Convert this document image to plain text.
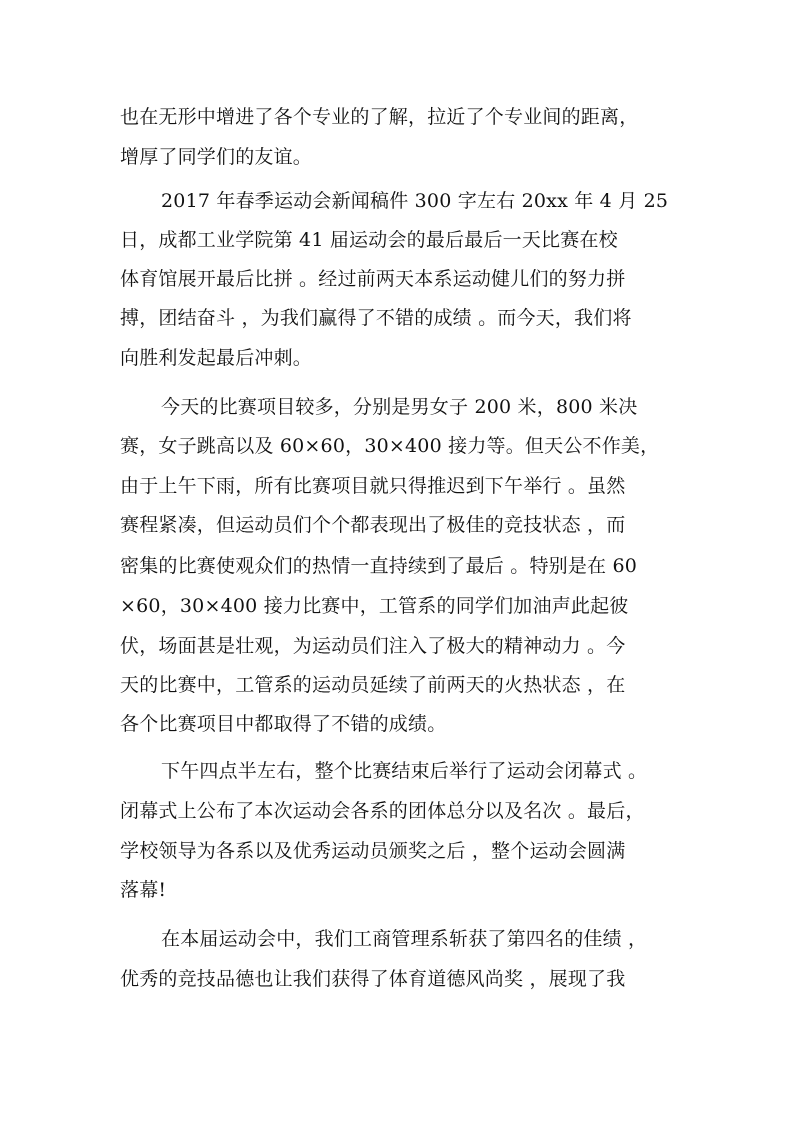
也在无形中增进了各个专业的了解，拉近了个专业间的距离，
增厚了同学们的友谊。
2017 年春季运动会新闻稿件 300 字左右 20xx 年 4 月 25
日，成都工业学院第 41 届运动会的最后最后一天比赛在校
体育馆展开最后比拼 。经过前两天本系运动健儿们的努力拼
搏，团结奋斗 ，为我们赢得了不错的成绩 。而今天，我们将
向胜利发起最后冲刺。
今天的比赛项目较多，分别是男女子 200 米，800 米决
赛，女子跳高以及 60×60，30×400 接力等。但天公不作美，
由于上午下雨，所有比赛项目就只得推迟到下午举行 。虽然
赛程紧凑，但运动员们个个都表现出了极佳的竞技状态 ，而
密集的比赛使观众们的热情一直持续到了最后 。特别是在 60
×60，30×400 接力比赛中，工管系的同学们加油声此起彼
伏，场面甚是壮观，为运动员们注入了极大的精神动力 。今
天的比赛中，工管系的运动员延续了前两天的火热状态 ，在
各个比赛项目中都取得了不错的成绩。
下午四点半左右，整个比赛结束后举行了运动会闭幕式 。
闭幕式上公布了本次运动会各系的团体总分以及名次 。最后，
学校领导为各系以及优秀运动员颁奖之后 ，整个运动会圆满
落幕!
在本届运动会中，我们工商管理系斩获了第四名的佳绩 ，
优秀的竞技品德也让我们获得了体育道德风尚奖 ，展现了我
